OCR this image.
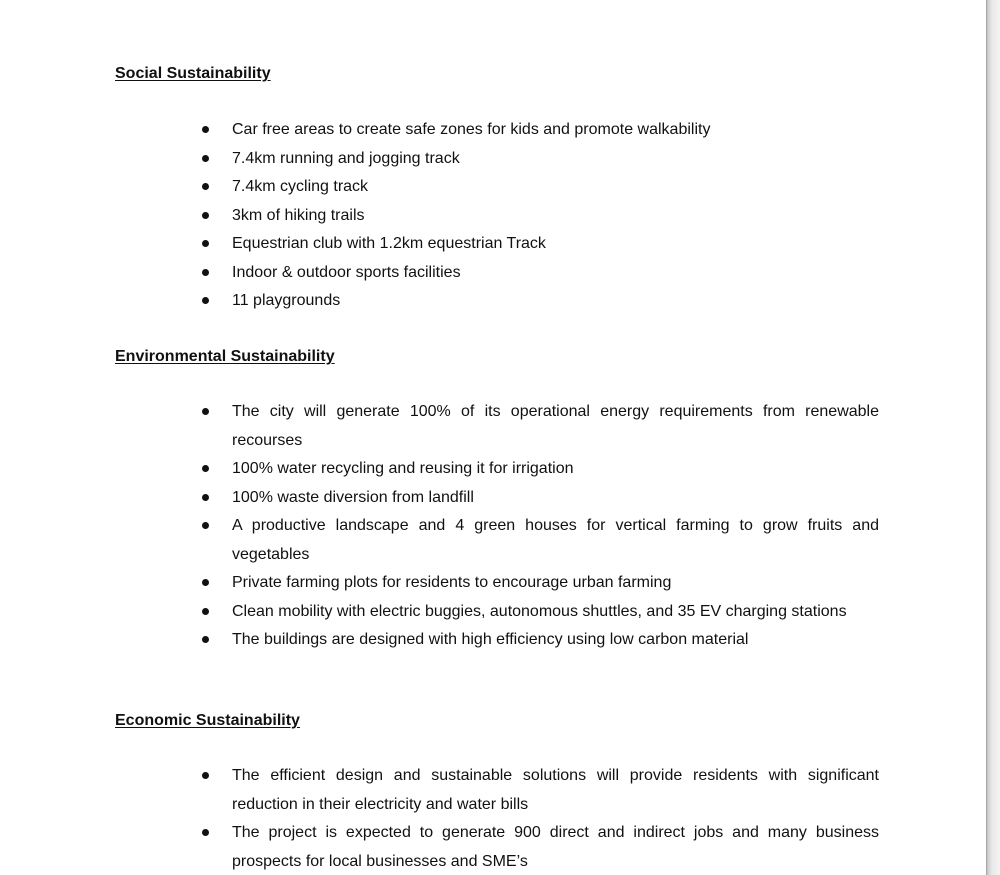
Social Sustainability
Car free areas to create safe zones for kids and promote walkability
7.4km running and jogging track
7.4km cycling track
3km of hiking trails
Equestrian club with 1.2km equestrian Track
Indoor & outdoor sports facilities
11 playgrounds
Environmental Sustainability
The city will generate 100% of its operational energy requirements from renewable recourses
100% water recycling and reusing it for irrigation
100% waste diversion from landfill
A productive landscape and 4 green houses for vertical farming to grow fruits and vegetables
Private farming plots for residents to encourage urban farming
Clean mobility with electric buggies, autonomous shuttles, and 35 EV charging stations
The buildings are designed with high efficiency using low carbon material
Economic Sustainability
The efficient design and sustainable solutions will provide residents with significant reduction in their electricity and water bills
The project is expected to generate 900 direct and indirect jobs and many business prospects for local businesses and SME’s
